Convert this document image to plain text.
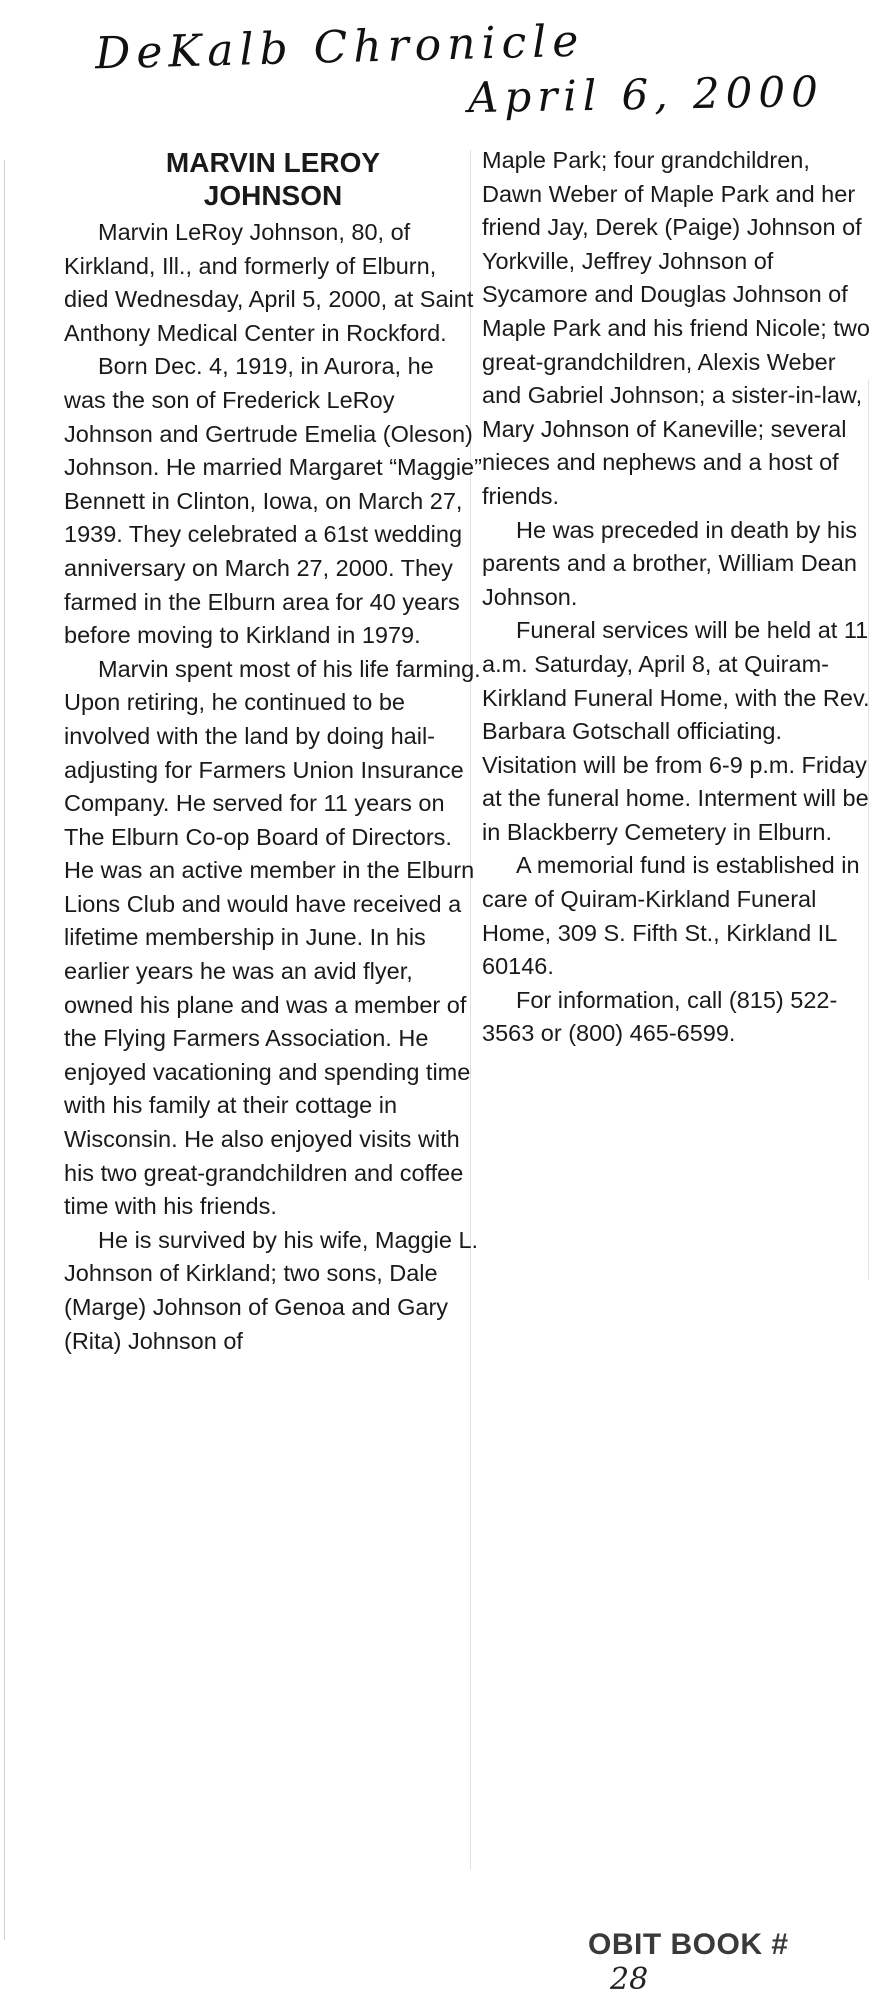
DeKalb Chronicle
April 6, 2000
MARVIN LEROY
JOHNSON

Marvin LeRoy Johnson, 80, of Kirkland, Ill., and formerly of Elburn, died Wednesday, April 5, 2000, at Saint Anthony Medical Center in Rockford.

Born Dec. 4, 1919, in Aurora, he was the son of Frederick LeRoy Johnson and Gertrude Emelia (Oleson) Johnson. He married Margaret “Maggie” Bennett in Clinton, Iowa, on March 27, 1939. They celebrated a 61st wedding anniversary on March 27, 2000. They farmed in the Elburn area for 40 years before moving to Kirkland in 1979.

Marvin spent most of his life farming. Upon retiring, he continued to be involved with the land by doing hail-adjusting for Farmers Union Insurance Company. He served for 11 years on The Elburn Co-op Board of Directors. He was an active member in the Elburn Lions Club and would have received a lifetime membership in June. In his earlier years he was an avid flyer, owned his plane and was a member of the Flying Farmers Association. He enjoyed vacationing and spending time with his family at their cottage in Wisconsin. He also enjoyed visits with his two great-grandchildren and coffee time with his friends.

He is survived by his wife, Maggie L. Johnson of Kirkland; two sons, Dale (Marge) Johnson of Genoa and Gary (Rita) Johnson of

Maple Park; four grandchildren, Dawn Weber of Maple Park and her friend Jay, Derek (Paige) Johnson of Yorkville, Jeffrey Johnson of Sycamore and Douglas Johnson of Maple Park and his friend Nicole; two great-grandchildren, Alexis Weber and Gabriel Johnson; a sister-in-law, Mary Johnson of Kaneville; several nieces and nephews and a host of friends.

He was preceded in death by his parents and a brother, William Dean Johnson.

Funeral services will be held at 11 a.m. Saturday, April 8, at Quiram-Kirkland Funeral Home, with the Rev. Barbara Gotschall officiating. Visitation will be from 6-9 p.m. Friday at the funeral home. Interment will be in Blackberry Cemetery in Elburn.

A memorial fund is established in care of Quiram-Kirkland Funeral Home, 309 S. Fifth St., Kirkland IL 60146.

For information, call (815) 522-3563 or (800) 465-6599.

OBIT BOOK #
28
